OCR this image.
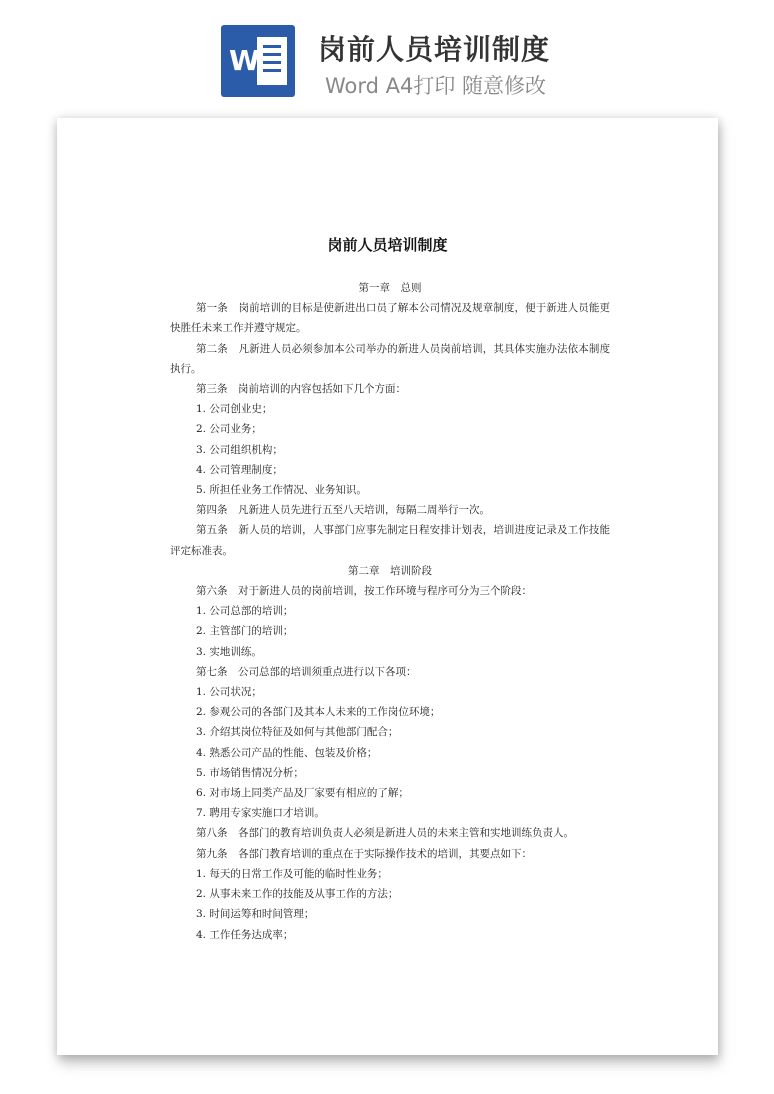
W 岗前人员培训制度
Word A4打印 随意修改
岗前人员培训制度

第一章　总则

第一条　岗前培训的目标是使新进出口员了解本公司情况及规章制度，便于新进人员能更快胜任未来工作并遵守规定。

第二条　凡新进人员必须参加本公司举办的新进人员岗前培训，其具体实施办法依本制度执行。

第三条　岗前培训的内容包括如下几个方面：

1. 公司创业史；

2. 公司业务；

3. 公司组织机构；

4. 公司管理制度；

5. 所担任业务工作情况、业务知识。

第四条　凡新进人员先进行五至八天培训，每隔二周举行一次。

第五条　新人员的培训，人事部门应事先制定日程安排计划表，培训进度记录及工作技能评定标准表。

第二章　培训阶段

第六条　对于新进人员的岗前培训，按工作环境与程序可分为三个阶段：

1. 公司总部的培训；

2. 主管部门的培训；

3. 实地训练。

第七条　公司总部的培训须重点进行以下各项：

1. 公司状况；

2. 参观公司的各部门及其本人未来的工作岗位环境；

3. 介绍其岗位特征及如何与其他部门配合；

4. 熟悉公司产品的性能、包装及价格；

5. 市场销售情况分析；

6. 对市场上同类产品及厂家要有相应的了解；

7. 聘用专家实施口才培训。

第八条　各部门的教育培训负责人必须是新进人员的未来主管和实地训练负责人。

第九条　各部门教育培训的重点在于实际操作技术的培训，其要点如下：

1. 每天的日常工作及可能的临时性业务；

2. 从事未来工作的技能及从事工作的方法；

3. 时间运筹和时间管理；

4. 工作任务达成率；
